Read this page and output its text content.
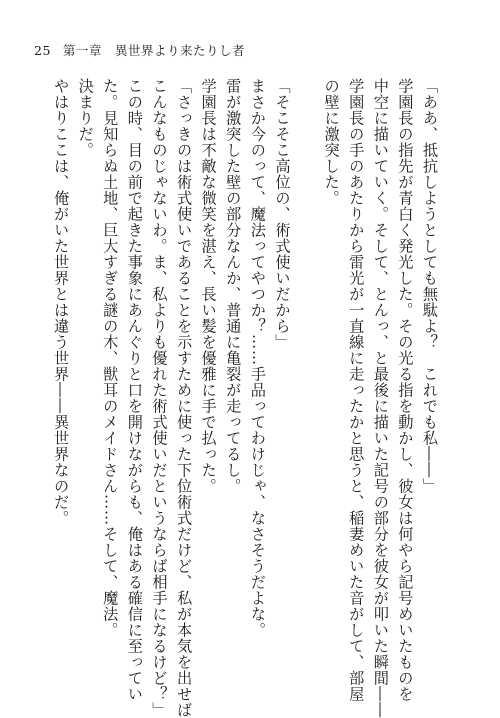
25 第一章　 異世界より来たりし者
「ああ、抵抗しようとしても無駄よ？　これでも私――」
学園長の指先が青白く発光した。その光る指を動かし、彼女は何やら記号めいたものを
中空に描いていく。そして、とんっ、と最後に描いた記号の部分を彼女が叩いた瞬間――
学園長の手のあたりから雷光が一直線に走ったかと思うと、稲妻めいた音がして、部屋
の壁に激突した。
「そこそこ高位の、術式使いだから」
まさか今のって、魔法ってやつか？……手品ってわけじゃ、なさそうだよな。
雷が激突した壁の部分なんか、普通に亀裂が走ってるし。
学園長は不敵な微笑を湛え、長い髪を優雅に手で払った。
「さっきのは術式使いであることを示すために使った下位術式だけど、私が本気を出せば
こんなものじゃないわ。ま、私よりも優れた術式使いだというならば相手になるけど？」
この時、目の前で起きた事象にあんぐりと口を開けながらも、俺はある確信に至ってい
た。見知らぬ土地、巨大すぎる謎の木、獣耳のメイドさん……そして、魔法。
決まりだ。
やはりここは、俺がいた世界とは違う世界――異世界なのだ。
